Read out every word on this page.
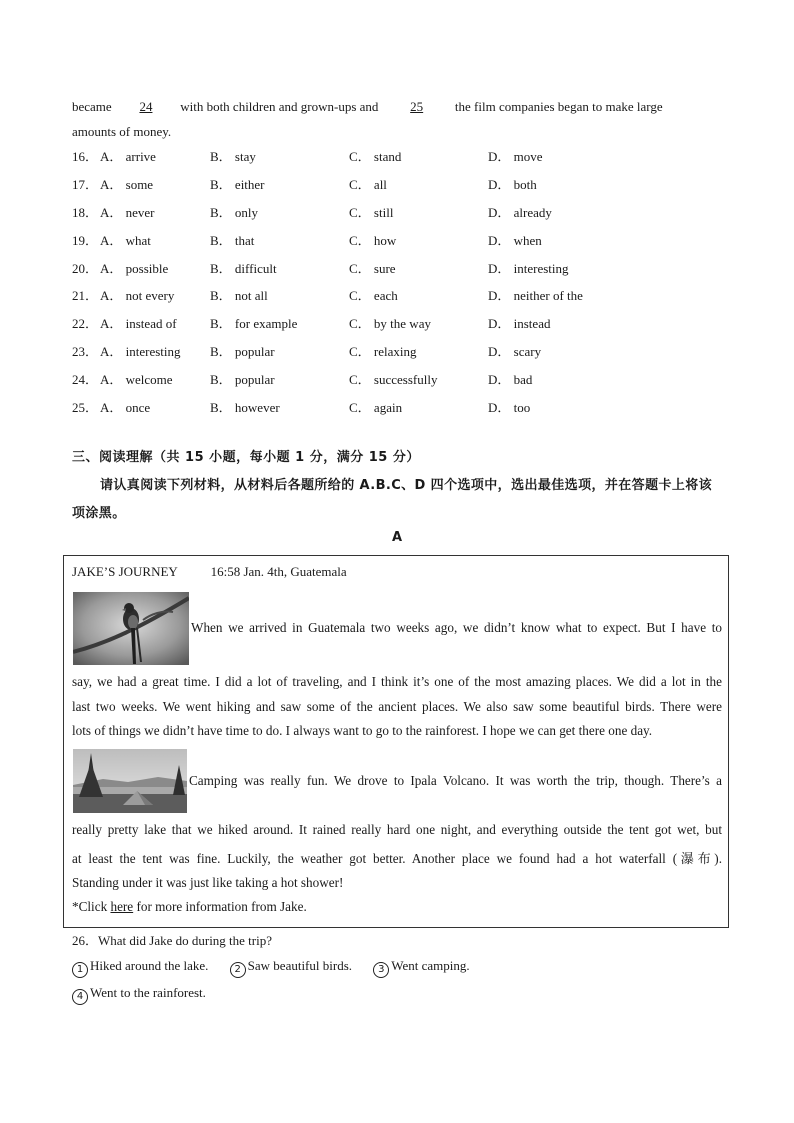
became 24 with both children and grown-ups and 25 the film companies began to make large
amounts of money.
16． A． arrive	B． stay	C． stand	D． move
17． A． some	B． either	C． all	D． both
18． A． never	B． only	C． still	D． already
19． A． what	B． that	C． how	D． when
20． A． possible	B． difficult	C． sure	D． interesting
21． A． not every	B． not all	C． each	D． neither of the
22． A． instead of	B． for example	C． by the way	D． instead
23． A． interesting	B． popular	C． relaxing	D． scary
24． A． welcome	B． popular	C． successfully	D． bad
25． A． once	B． however	C． again	D． too
三、阅读理解（共 15 小题，每小题 1 分，满分 15 分）
请认真阅读下列材料，从材料后各题所给的 A.B.C、D 四个选项中，选出最佳选项，并在答题卡上将该项涂黑。
A
JAKE’S JOURNEY	16:58 Jan. 4th, Guatemala
When we arrived in Guatemala two weeks ago, we didn’t know what to expect. But I have to
say, we had a great time. I did a lot of traveling, and I think it’s one of the most amazing places. We did a lot in the
last two weeks. We went hiking and saw some of the ancient places. We also saw some beautiful birds. There were
lots of things we didn’t have time to do. I always want to go to the rainforest. I hope we can get there one day.
Camping was really fun. We drove to Ipala Volcano. It was worth the trip, though. There’s a
really pretty lake that we hiked around. It rained really hard one night, and everything outside the tent got wet, but
at least the tent was fine. Luckily, the weather got better. Another place we found had a hot waterfall (瀑布).
Standing under it was just like taking a hot shower!
*Click here for more information from Jake.
26．What did Jake do during the trip?
1 Hiked around the lake.	2 Saw beautiful birds.	3 Went camping.
4 Went to the rainforest.
